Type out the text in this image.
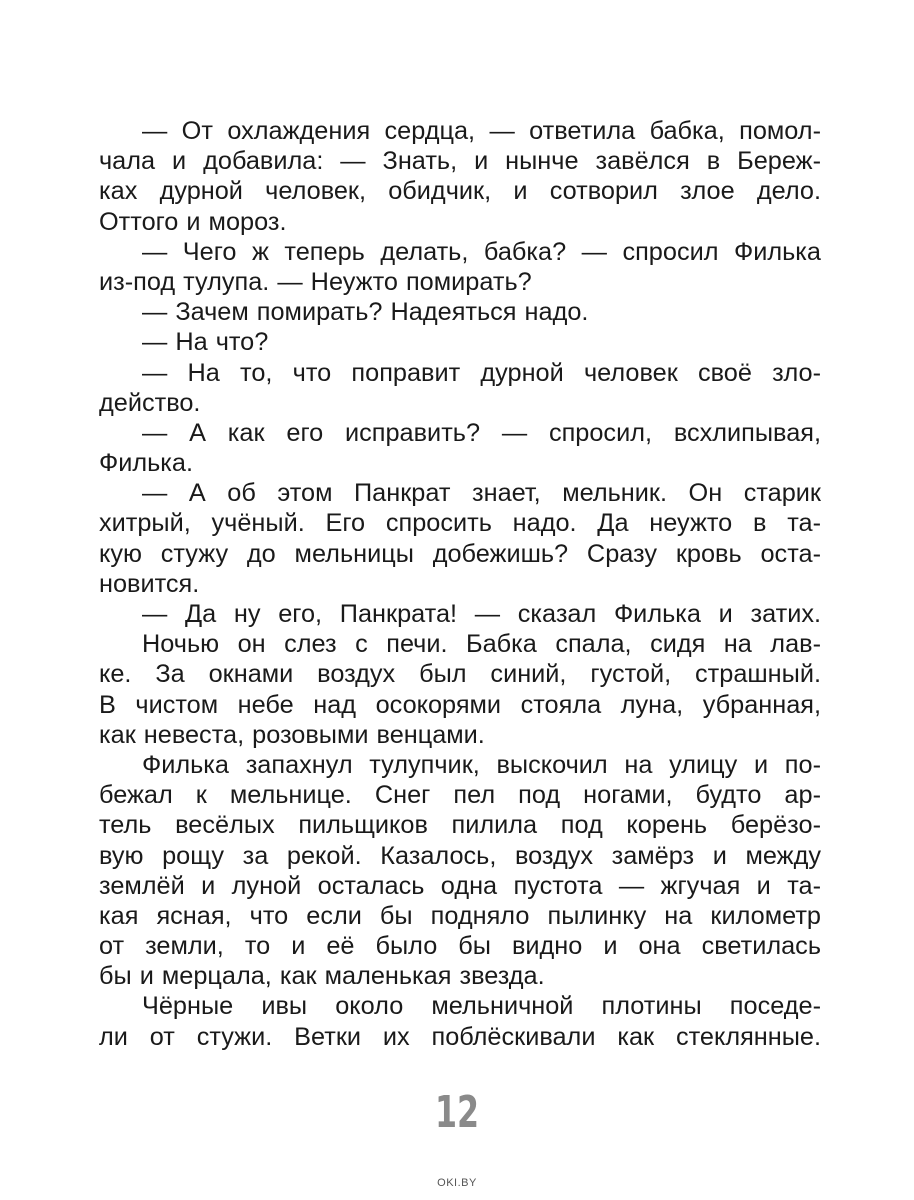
— От охлаждения сердца, — ответила бабка, помол-
чала и добавила: — Знать, и нынче завёлся в Береж-
ках дурной человек, обидчик, и сотворил злое дело.
Оттого и мороз.
— Чего ж теперь делать, бабка? — спросил Филька
из-под тулупа. — Неужто помирать?
— Зачем помирать? Надеяться надо.
— На что?
— На то, что поправит дурной человек своё зло-
действо.
— А как его исправить? — спросил, всхлипывая,
Филька.
— А об этом Панкрат знает, мельник. Он старик
хитрый, учёный. Его спросить надо. Да неужто в та-
кую стужу до мельницы добежишь? Сразу кровь оста-
новится.
— Да ну его, Панкрата! — сказал Филька и затих.
Ночью он слез с печи. Бабка спала, сидя на лав-
ке. За окнами воздух был синий, густой, страшный.
В чистом небе над осокорями стояла луна, убранная,
как невеста, розовыми венцами.
Филька запахнул тулупчик, выскочил на улицу и по-
бежал к мельнице. Снег пел под ногами, будто ар-
тель весёлых пильщиков пилила под корень берёзо-
вую рощу за рекой. Казалось, воздух замёрз и между
землёй и луной осталась одна пустота — жгучая и та-
кая ясная, что если бы подняло пылинку на километр
от земли, то и её было бы видно и она светилась
бы и мерцала, как маленькая звезда.
Чёрные ивы около мельничной плотины поседе-
ли от стужи. Ветки их поблёскивали как стеклянные.
12
OKI.BY
